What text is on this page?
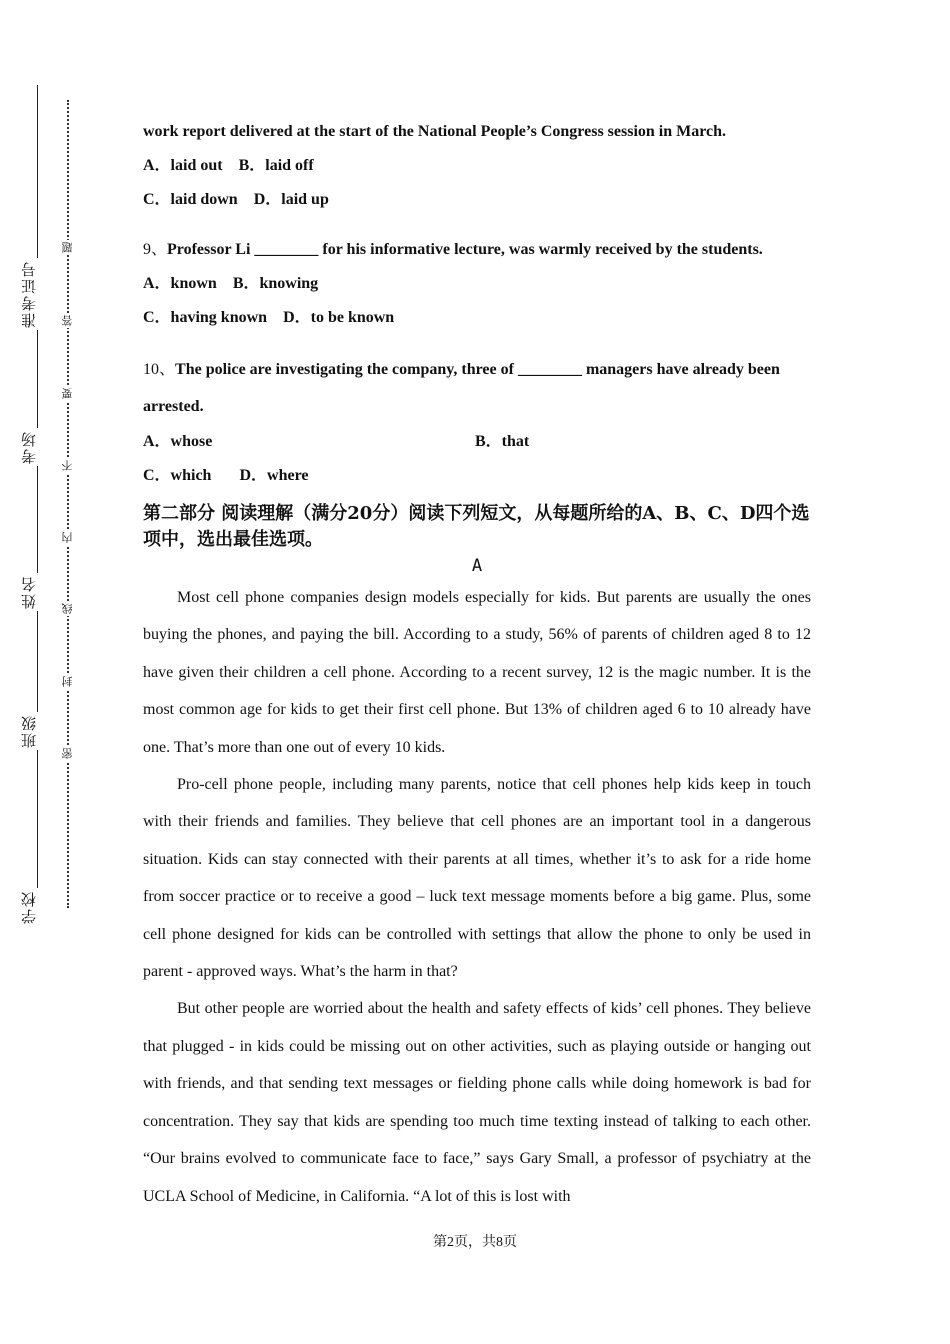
准考证号
考场
姓名
班级
学校
题
答
要
不
内
线
封
密
work report delivered at the start of the National People’s Congress session in March.
A．laid out B．laid off
C．laid down D．laid up
9、Professor Li ________ for his informative lecture, was warmly received by the students.
A．known B．knowing
C．having known D．to be known
10、The police are investigating the company, three of ________ managers have already been arrested.
A．whose	B．that
C．which D．where
第二部分 阅读理解（满分20分）阅读下列短文，从每题所给的A、B、C、D四个选项中，选出最佳选项。
A
Most cell phone companies design models especially for kids. But parents are usually the ones buying the phones, and paying the bill. According to a study, 56% of parents of children aged 8 to 12 have given their children a cell phone. According to a recent survey, 12 is the magic number. It is the most common age for kids to get their first cell phone. But 13% of children aged 6 to 10 already have one. That’s more than one out of every 10 kids.
Pro-cell phone people, including many parents, notice that cell phones help kids keep in touch with their friends and families. They believe that cell phones are an important tool in a dangerous situation. Kids can stay connected with their parents at all times, whether it’s to ask for a ride home from soccer practice or to receive a good – luck text message moments before a big game. Plus, some cell phone designed for kids can be controlled with settings that allow the phone to only be used in parent - approved ways. What’s the harm in that?
But other people are worried about the health and safety effects of kids’ cell phones. They believe that plugged - in kids could be missing out on other activities, such as playing outside or hanging out with friends, and that sending text messages or fielding phone calls while doing homework is bad for concentration. They say that kids are spending too much time texting instead of talking to each other. “Our brains evolved to communicate face to face,” says Gary Small, a professor of psychiatry at the UCLA School of Medicine, in California. “A lot of this is lost with
第2页，共8页
